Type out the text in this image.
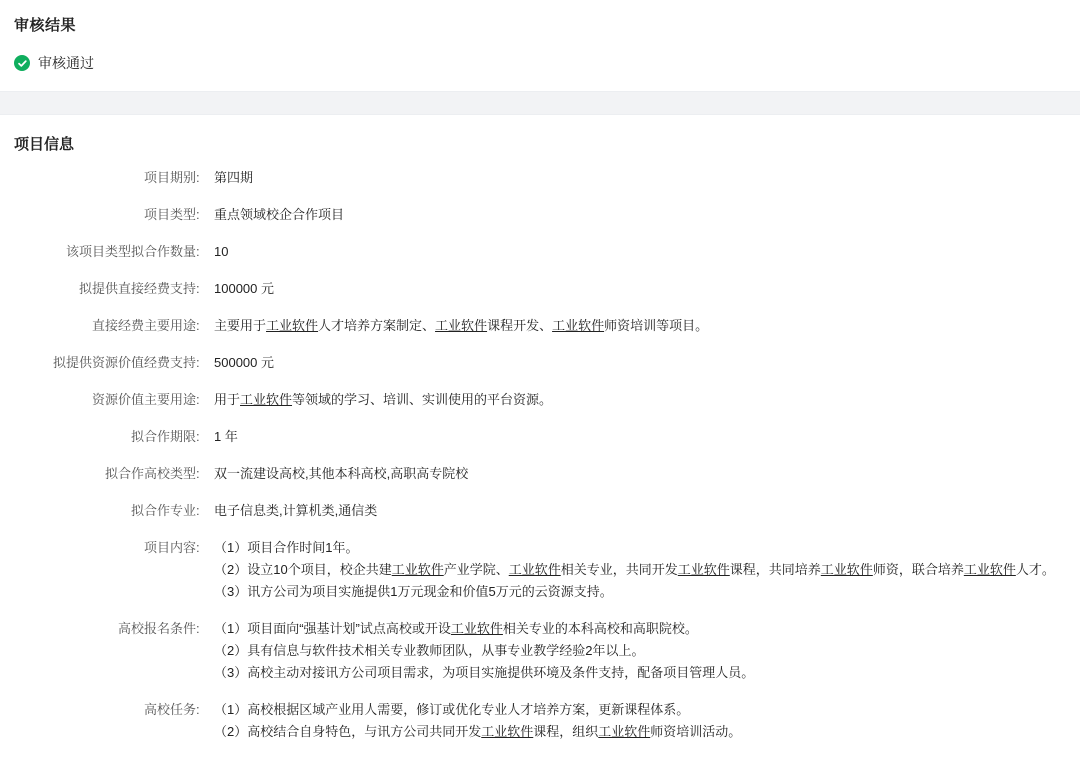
审核结果
审核通过
项目信息
项目期别 :	第四期
项目类型 :	重点领域校企合作项目
该项目类型拟合作数量 :	10
拟提供直接经费支持 :	100000 元
直接经费主要用途 :	主要用于工业软件人才培养方案制定、工业软件课程开发、工业软件师资培训等项目。
拟提供资源价值经费支持 :	500000 元
资源价值主要用途 :	用于工业软件等领域的学习、培训、实训使用的平台资源。
拟合作期限 :	1 年
拟合作高校类型 :	双一流建设高校,其他本科高校,高职高专院校
拟合作专业 :	电子信息类,计算机类,通信类
项目内容 :	（1）项目合作时间1年。
（2）设立10个项目，校企共建工业软件产业学院、工业软件相关专业，共同开发工业软件课程，共同培养工业软件师资，联合培养工业软件人才。
（3）讯方公司为项目实施提供1万元现金和价值5万元的云资源支持。
高校报名条件 :	（1）项目面向“强基计划”试点高校或开设工业软件相关专业的本科高校和高职院校。
（2）具有信息与软件技术相关专业教师团队，从事专业教学经验2年以上。
（3）高校主动对接讯方公司项目需求，为项目实施提供环境及条件支持，配备项目管理人员。
高校任务 :	（1）高校根据区域产业用人需要，修订或优化专业人才培养方案，更新课程体系。
（2）高校结合自身特色，与讯方公司共同开发工业软件课程，组织工业软件师资培训活动。
